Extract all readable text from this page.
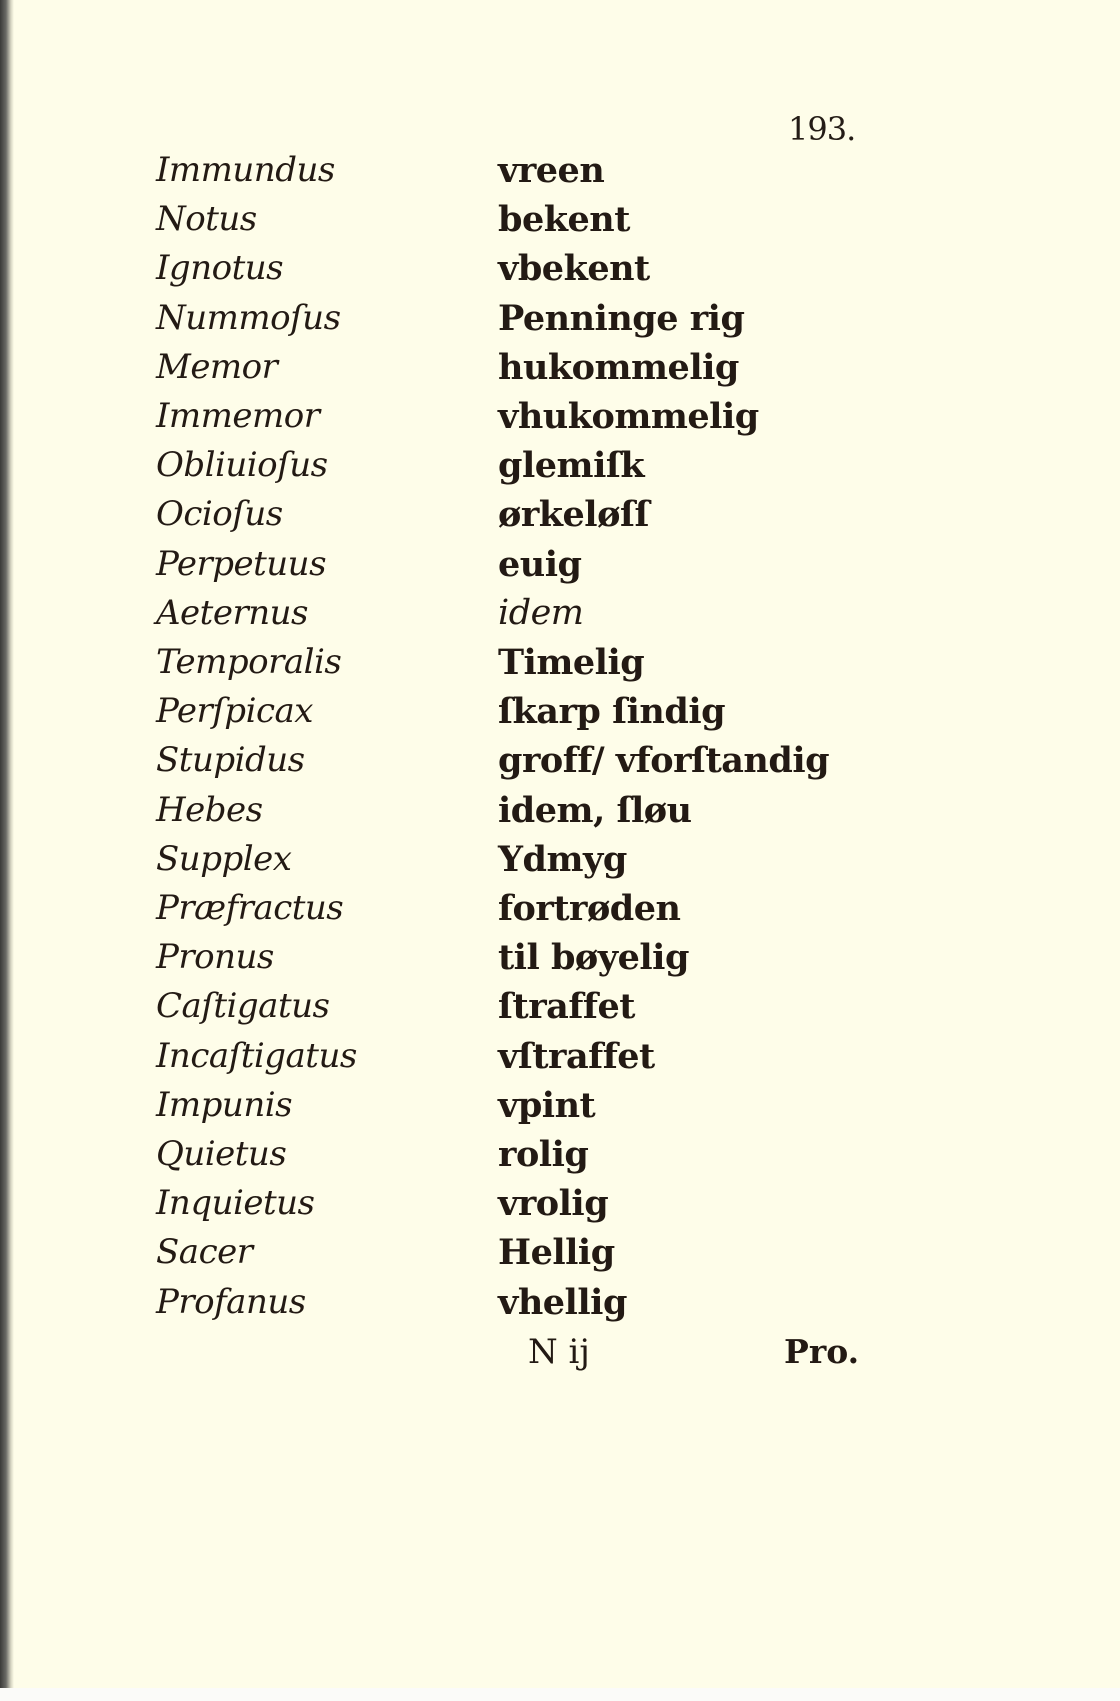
193.
Immundus	vreen
Notus	bekent
Ignotus	vbekent
Nummoſus	Penninge rig
Memor	hukommelig
Immemor	vhukommelig
Obliuioſus	glemiſk
Ocioſus	ørkeløſſ
Perpetuus	euig
Aeternus	idem
Temporalis	Timelig
Perſpicax	ſkarp ſindig
Stupidus	groff/ vforſtandig
Hebes	idem, ſløu
Supplex	Ydmyg
Præfractus	fortrøden
Pronus	til bøyelig
Caſtigatus	ſtraffet
Incaſtigatus	vſtraffet
Impunis	vpint
Quietus	rolig
Inquietus	vrolig
Sacer	Hellig
Profanus	vhellig
N ij	Pro.
